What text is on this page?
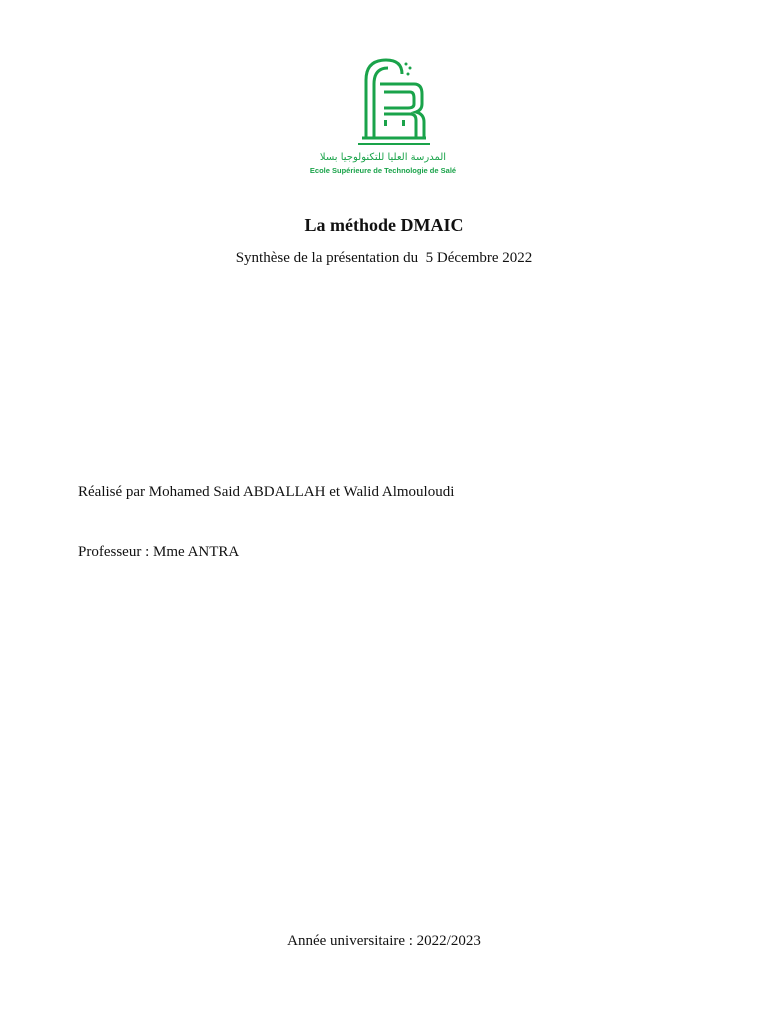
المدرسة العليا للتكنولوجيا بسلا
Ecole Supérieure de Technologie de Salé
La méthode DMAIC
Synthèse de la présentation du  5 Décembre 2022
Réalisé par Mohamed Said ABDALLAH et Walid Almouloudi
Professeur : Mme ANTRA
Année universitaire : 2022/2023
